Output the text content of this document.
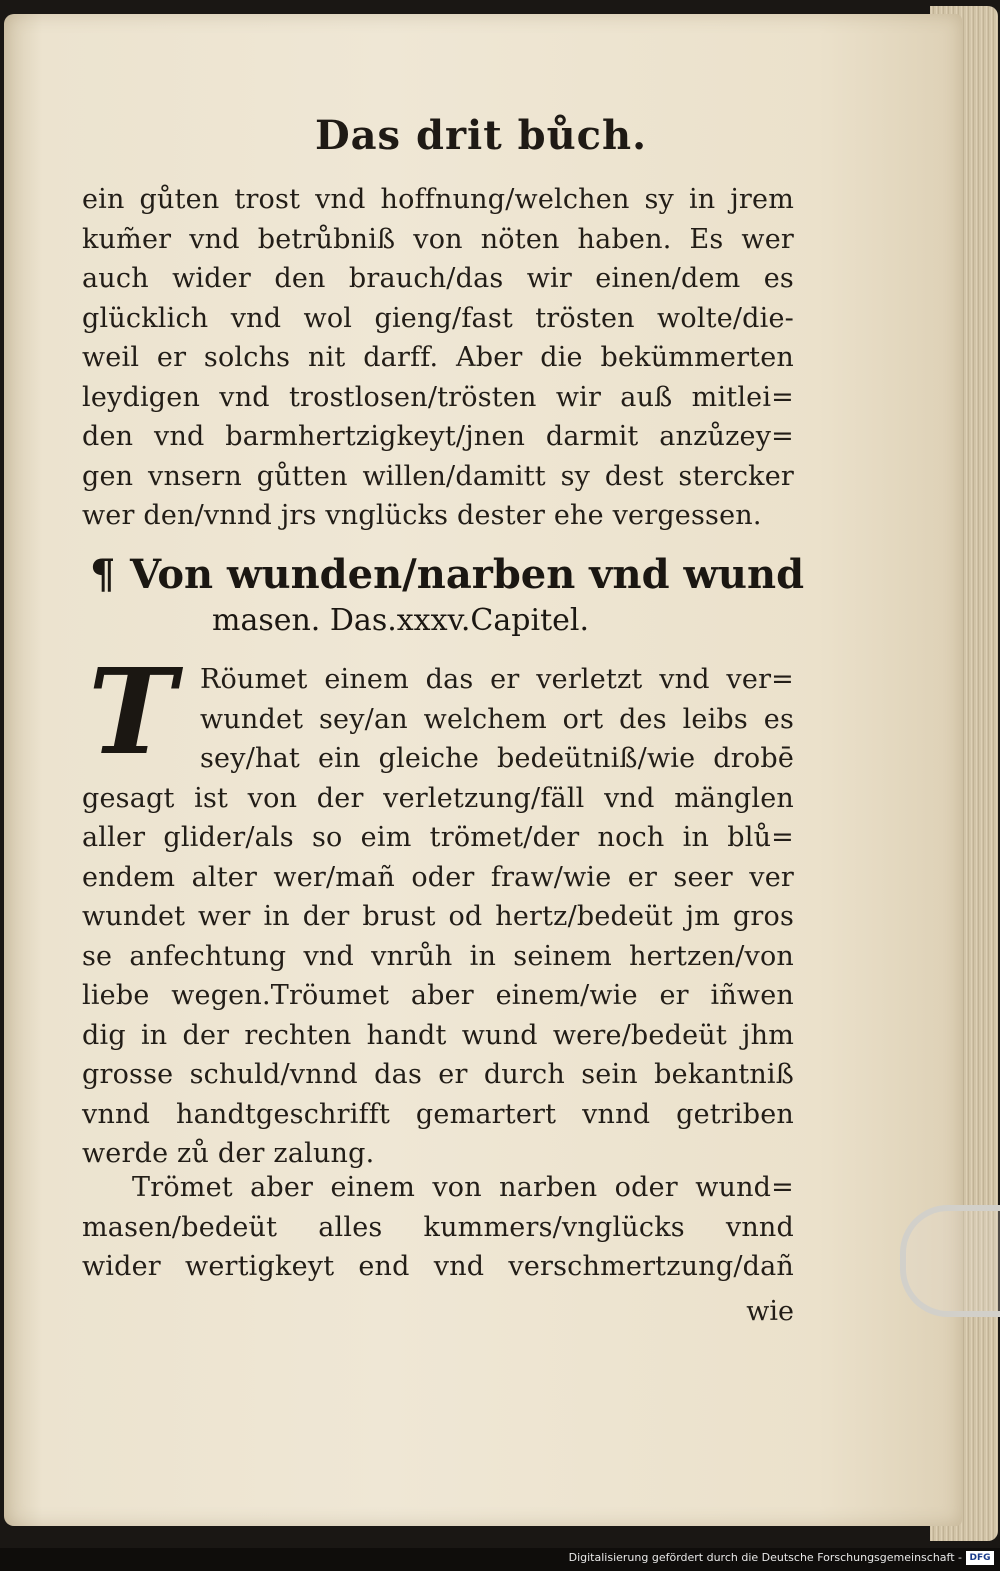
Das drit bůch.
ein gůten trost vnd hoffnung/welchen sy in jrem
kum̃er vnd betrůbniß von nöten haben. Es wer
auch wider den brauch/das wir einen/dem es
glücklich vnd wol gieng/fast trösten wolte/die-
weil er solchs nit darff. Aber die bekümmerten
leydigen vnd trostlosen/trösten wir auß mitlei=
den vnd barmhertzigkeyt/jnen darmit anzůzey=
gen vnsern gůtten willen/damitt sy dest stercker
wer den/vnnd jrs vnglücks dester ehe vergessen.
¶ Von wunden/narben vnd wund
masen. Das.xxxv.Capitel.
T Röumet einem das er verletzt vnd ver=
wundet sey/an welchem ort des leibs es
sey/hat ein gleiche bedeütniß/wie drobē
gesagt ist von der verletzung/fäll vnd mänglen
aller glider/als so eim trömet/der noch in blů=
endem alter wer/mañ oder fraw/wie er seer ver
wundet wer in der brust od hertz/bedeüt jm gros
se anfechtung vnd vnrůh in seinem hertzen/von
liebe wegen.Tröumet aber einem/wie er iñwen
dig in der rechten handt wund were/bedeüt jhm
grosse schuld/vnnd das er durch sein bekantniß
vnnd handtgeschrifft gemartert vnnd getriben
werde zů der zalung.
Trömet aber einem von narben oder wund=
masen/bedeüt alles kummers/vnglücks vnnd
wider wertigkeyt end vnd verschmertzung/dañ
wie
Digitalisierung gefördert durch die Deutsche Forschungsgemeinschaft - DFG
